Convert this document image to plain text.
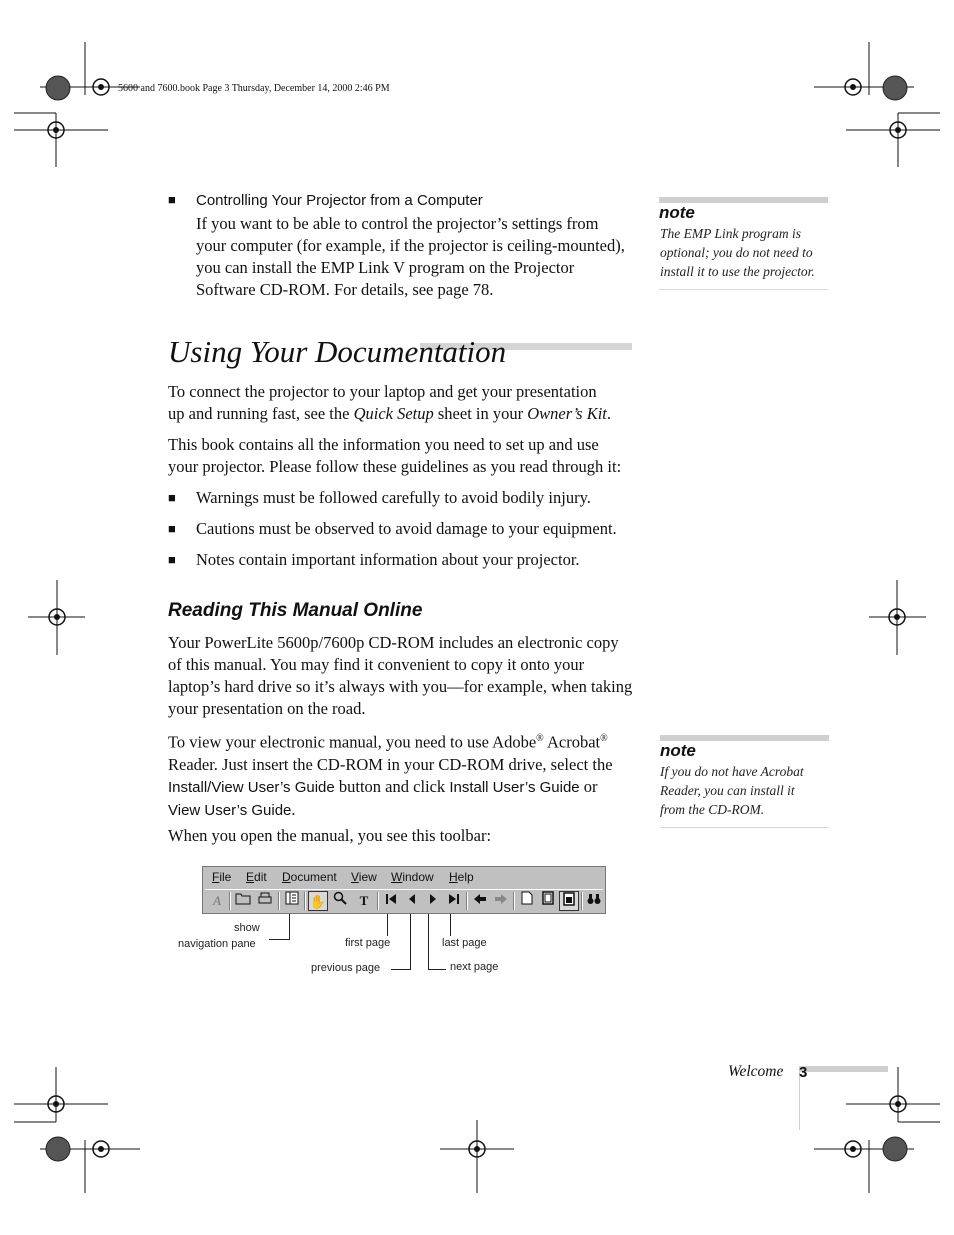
5600 and 7600.book Page 3 Thursday, December 14, 2000 2:46 PM
■ Controlling Your Projector from a Computer
If you want to be able to control the projector’s settings from
your computer (for example, if the projector is ceiling-mounted),
you can install the EMP Link V program on the Projector
Software CD-ROM. For details, see page 78.
note
The EMP Link program is
optional; you do not need to
install it to use the projector.
Using Your Documentation
To connect the projector to your laptop and get your presentation
up and running fast, see the Quick Setup sheet in your Owner’s Kit.
This book contains all the information you need to set up and use
your projector. Please follow these guidelines as you read through it:
■ Warnings must be followed carefully to avoid bodily injury.
■ Cautions must be observed to avoid damage to your equipment.
■ Notes contain important information about your projector.
Reading This Manual Online
Your PowerLite 5600p/7600p CD-ROM includes an electronic copy
of this manual. You may find it convenient to copy it onto your
laptop’s hard drive so it’s always with you—for example, when taking
your presentation on the road.
To view your electronic manual, you need to use Adobe® Acrobat®
Reader. Just insert the CD-ROM in your CD-ROM drive, select the
Install/View User’s Guide button and click Install User’s Guide or
View User’s Guide.
When you open the manual, you see this toolbar:
note
If you do not have Acrobat
Reader, you can install it
from the CD-ROM.
File Edit Document View Window Help
A	✋	T
show
navigation pane	first page	last page
previous page	next page
Welcome 3
